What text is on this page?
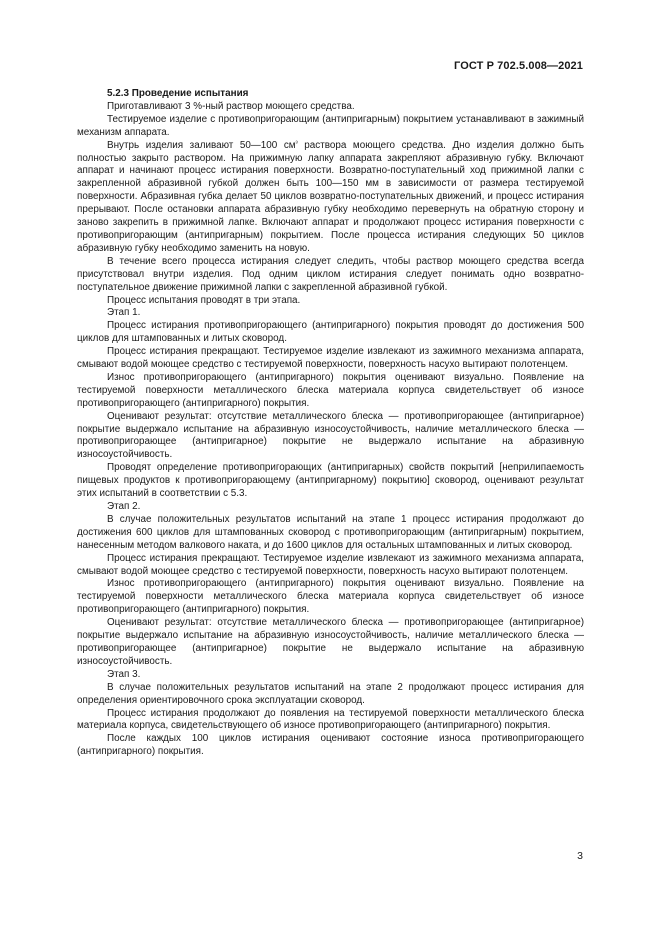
ГОСТ Р 702.5.008—2021

5.2.3 Проведение испытания

Приготавливают 3 %-ный раствор моющего средства.

Тестируемое изделие с противопригорающим (антипригарным) покрытием устанавливают в зажимный механизм аппарата.

Внутрь изделия заливают 50—100 $см^{^3}$ раствора моющего средства. Дно изделия должно быть полностью закрыто раствором. На прижимную лапку аппарата закрепляют абразивную губку. Включают аппарат и начинают процесс истирания поверхности. Возвратно-поступательный ход прижимной лапки с закрепленной абразивной губкой должен быть 100—150 мм в зависимости от размера тестируемой поверхности. Абразивная губка делает 50 циклов возвратно-поступательных движений, и процесс истирания прерывают. После остановки аппарата абразивную губку необходимо перевернуть на обратную сторону и заново закрепить в прижимной лапке. Включают аппарат и продолжают процесс истирания поверхности с противопригорающим (антипригарным) покрытием. После процесса истирания следующих 50 циклов абразивную губку необходимо заменить на новую.

В течение всего процесса истирания следует следить, чтобы раствор моющего средства всегда присутствовал внутри изделия. Под одним циклом истирания следует понимать одно возвратно-поступательное движение прижимной лапки с закрепленной абразивной губкой.

Процесс испытания проводят в три этапа.

Этап 1.

Процесс истирания противопригорающего (антипригарного) покрытия проводят до достижения 500 циклов для штампованных и литых сковород.

Процесс истирания прекращают. Тестируемое изделие извлекают из зажимного механизма аппарата, смывают водой моющее средство с тестируемой поверхности, поверхность насухо вытирают полотенцем.

Износ противопригорающего (антипригарного) покрытия оценивают визуально. Появление на тестируемой поверхности металлического блеска материала корпуса свидетельствует об износе противопригорающего (антипригарного) покрытия.

Оценивают результат: отсутствие металлического блеска — противопригорающее (антипригарное) покрытие выдержало испытание на абразивную износоустойчивость, наличие металлического блеска — противопригорающее (антипригарное) покрытие не выдержало испытание на абразивную износоустойчивость.

Проводят определение противопригорающих (антипригарных) свойств покрытий [неприлипаемость пищевых продуктов к противопригорающему (антипригарному) покрытию] сковород, оценивают результат этих испытаний в соответствии с 5.3.

Этап 2.

В случае положительных результатов испытаний на этапе 1 процесс истирания продолжают до достижения 600 циклов для штампованных сковород с противопригорающим (антипригарным) покрытием, нанесенным методом валкового наката, и до 1600 циклов для остальных штампованных и литых сковород.

Процесс истирания прекращают. Тестируемое изделие извлекают из зажимного механизма аппарата, смывают водой моющее средство с тестируемой поверхности, поверхность насухо вытирают полотенцем.

Износ противопригорающего (антипригарного) покрытия оценивают визуально. Появление на тестируемой поверхности металлического блеска материала корпуса свидетельствует об износе противопригорающего (антипригарного) покрытия.

Оценивают результат: отсутствие металлического блеска — противопригорающее (антипригарное) покрытие выдержало испытание на абразивную износоустойчивость, наличие металлического блеска — противопригорающее (антипригарное) покрытие не выдержало испытание на абразивную износоустойчивость.

Этап 3.

В случае положительных результатов испытаний на этапе 2 продолжают процесс истирания для определения ориентировочного срока эксплуатации сковород.

Процесс истирания продолжают до появления на тестируемой поверхности металлического блеска материала корпуса, свидетельствующего об износе противопригорающего (антипригарного) покрытия.

После каждых 100 циклов истирания оценивают состояние износа противопригорающего (антипригарного) покрытия.

3
